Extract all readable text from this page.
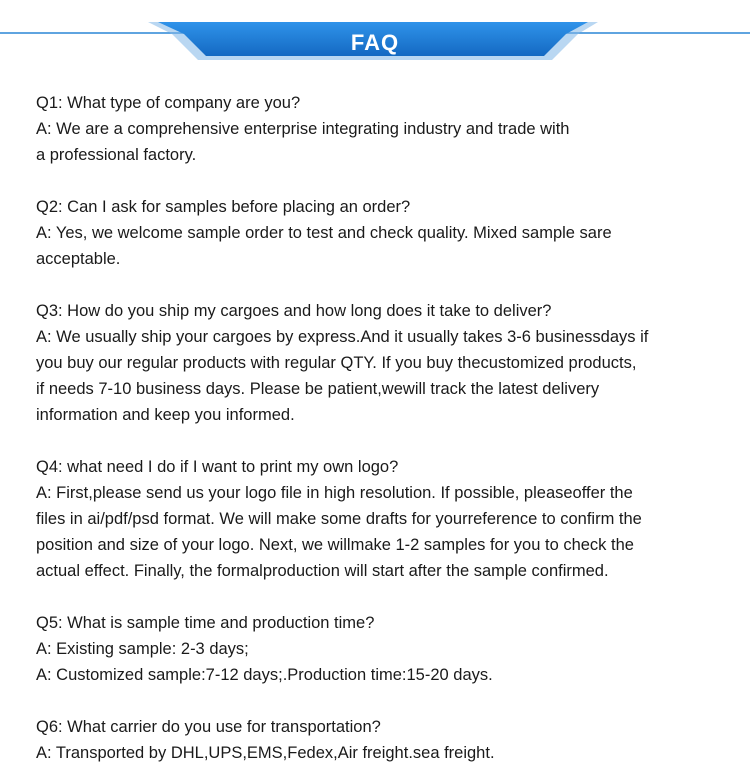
FAQ
Q1: What type of company are you?
A: We are a comprehensive enterprise integrating industry and trade with
a professional factory.
Q2: Can I ask for samples before placing an order?
A: Yes, we welcome sample order to test and check quality. Mixed sample sare
acceptable.
Q3: How do you ship my cargoes and how long does it take to deliver?
A: We usually ship your cargoes by express.And it usually takes 3-6 businessdays if
you buy our regular products with regular QTY. If you buy thecustomized products,
if needs 7-10 business days. Please be patient,wewill track the latest delivery
information and keep you informed.
Q4: what need I do if I want to print my own logo?
A: First,please send us your logo file in high resolution. If possible, pleaseoffer the
files in ai/pdf/psd format. We will make some drafts for yourreference to confirm the
position and size of your logo. Next, we willmake 1-2 samples for you to check the
actual effect. Finally, the formalproduction will start after the sample confirmed.
Q5: What is sample time and production time?
A: Existing sample: 2-3 days;
A: Customized sample:7-12 days;.Production time:15-20 days.
Q6: What carrier do you use for transportation?
A: Transported by DHL,UPS,EMS,Fedex,Air freight.sea freight.
